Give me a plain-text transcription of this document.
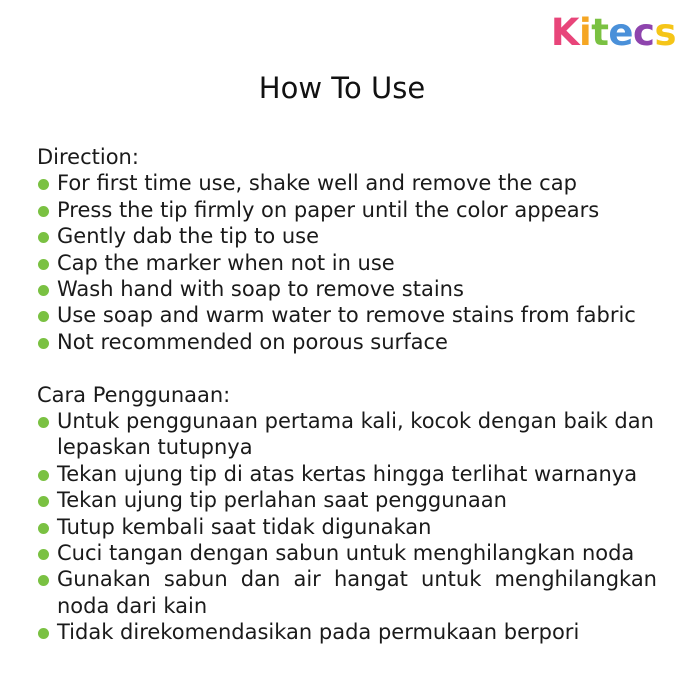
Kitecs
How To Use

Direction:

For first time use, shake well and remove the cap
Press the tip firmly on paper until the color appears
Gently dab the tip to use
Cap the marker when not in use
Wash hand with soap to remove stains
Use soap and warm water to remove stains from fabric
Not recommended on porous surface

Cara Penggunaan:

Untuk penggunaan pertama kali, kocok dengan baik dan lepaskan tutupnya
Tekan ujung tip di atas kertas hingga terlihat warnanya
Tekan ujung tip perlahan saat penggunaan
Tutup kembali saat tidak digunakan
Cuci tangan dengan sabun untuk menghilangkan noda
Gunakan sabun dan air hangat untuk menghilangkan noda dari kain
Tidak direkomendasikan pada permukaan berpori
